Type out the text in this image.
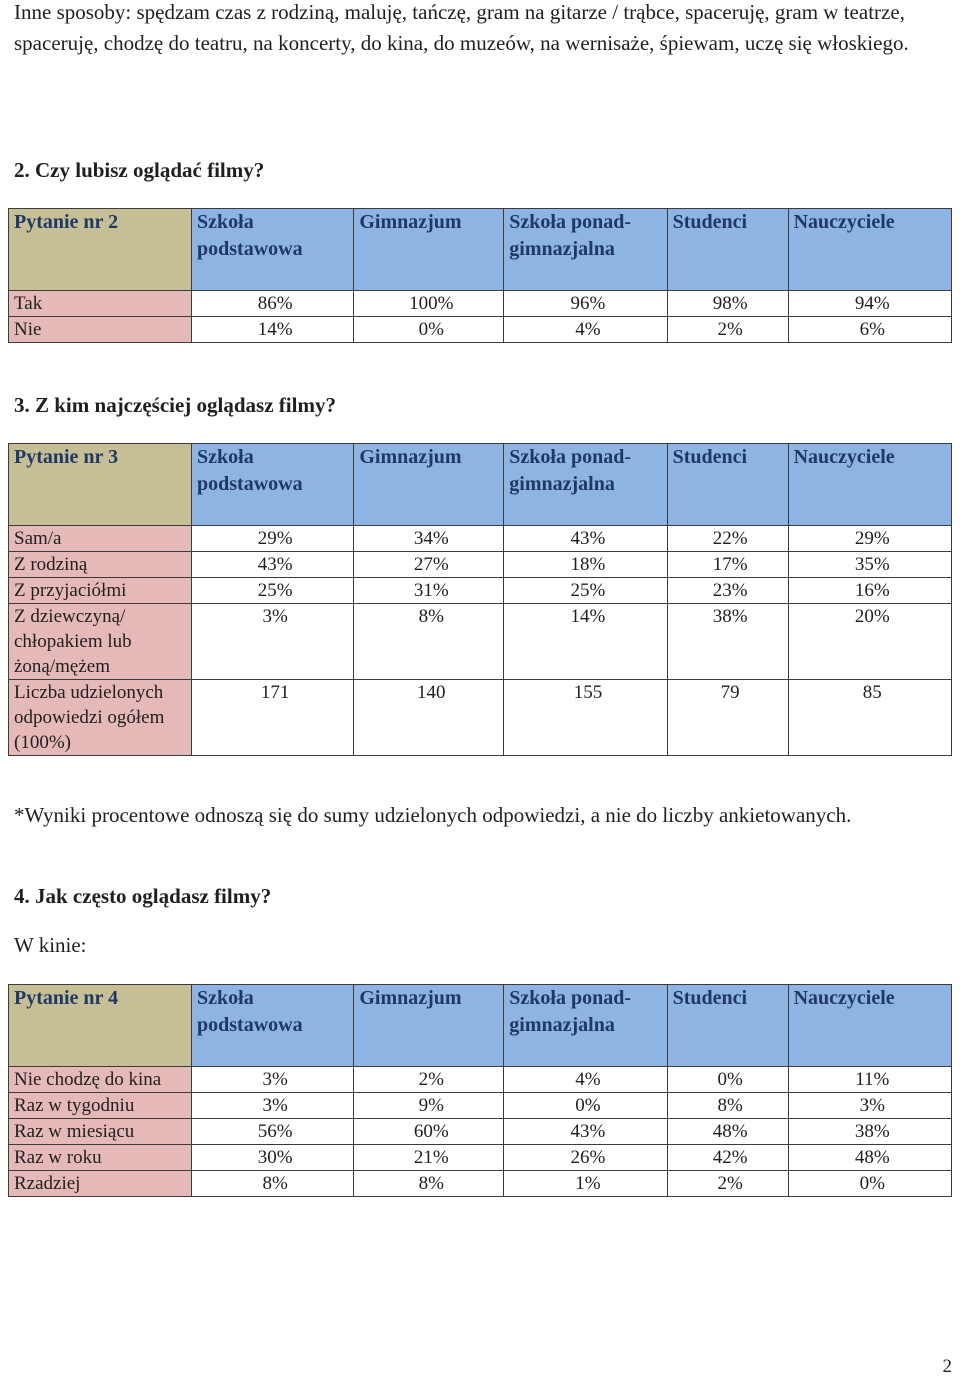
Inne sposoby: spędzam czas z rodziną, maluję, tańczę, gram na gitarze / trąbce, spaceruję, gram w teatrze, spaceruję, chodzę do teatru, na koncerty, do kina, do muzeów, na wernisaże, śpiewam, uczę się włoskiego.
2. Czy lubisz oglądać filmy?
Pytanie nr 2	Szkoła podstawowa	Gimnazjum	Szkoła ponad-gimnazjalna	Studenci	Nauczyciele
Tak	86%	100%	96%	98%	94%
Nie	14%	0%	4%	2%	6%
3. Z kim najczęściej oglądasz filmy?
Pytanie nr 3	Szkoła podstawowa	Gimnazjum	Szkoła ponad-gimnazjalna	Studenci	Nauczyciele
Sam/a	29%	34%	43%	22%	29%
Z rodziną	43%	27%	18%	17%	35%
Z przyjaciółmi	25%	31%	25%	23%	16%
Z dziewczyną/ chłopakiem lub żoną/mężem	3%	8%	14%	38%	20%
Liczba udzielonych odpowiedzi ogółem (100%)	171	140	155	79	85
*Wyniki procentowe odnoszą się do sumy udzielonych odpowiedzi, a nie do liczby ankietowanych.
4. Jak często oglądasz filmy?
W kinie:
Pytanie nr 4	Szkoła podstawowa	Gimnazjum	Szkoła ponad-gimnazjalna	Studenci	Nauczyciele
Nie chodzę do kina	3%	2%	4%	0%	11%
Raz w tygodniu	3%	9%	0%	8%	3%
Raz w miesiącu	56%	60%	43%	48%	38%
Raz w roku	30%	21%	26%	42%	48%
Rzadziej	8%	8%	1%	2%	0%
2
